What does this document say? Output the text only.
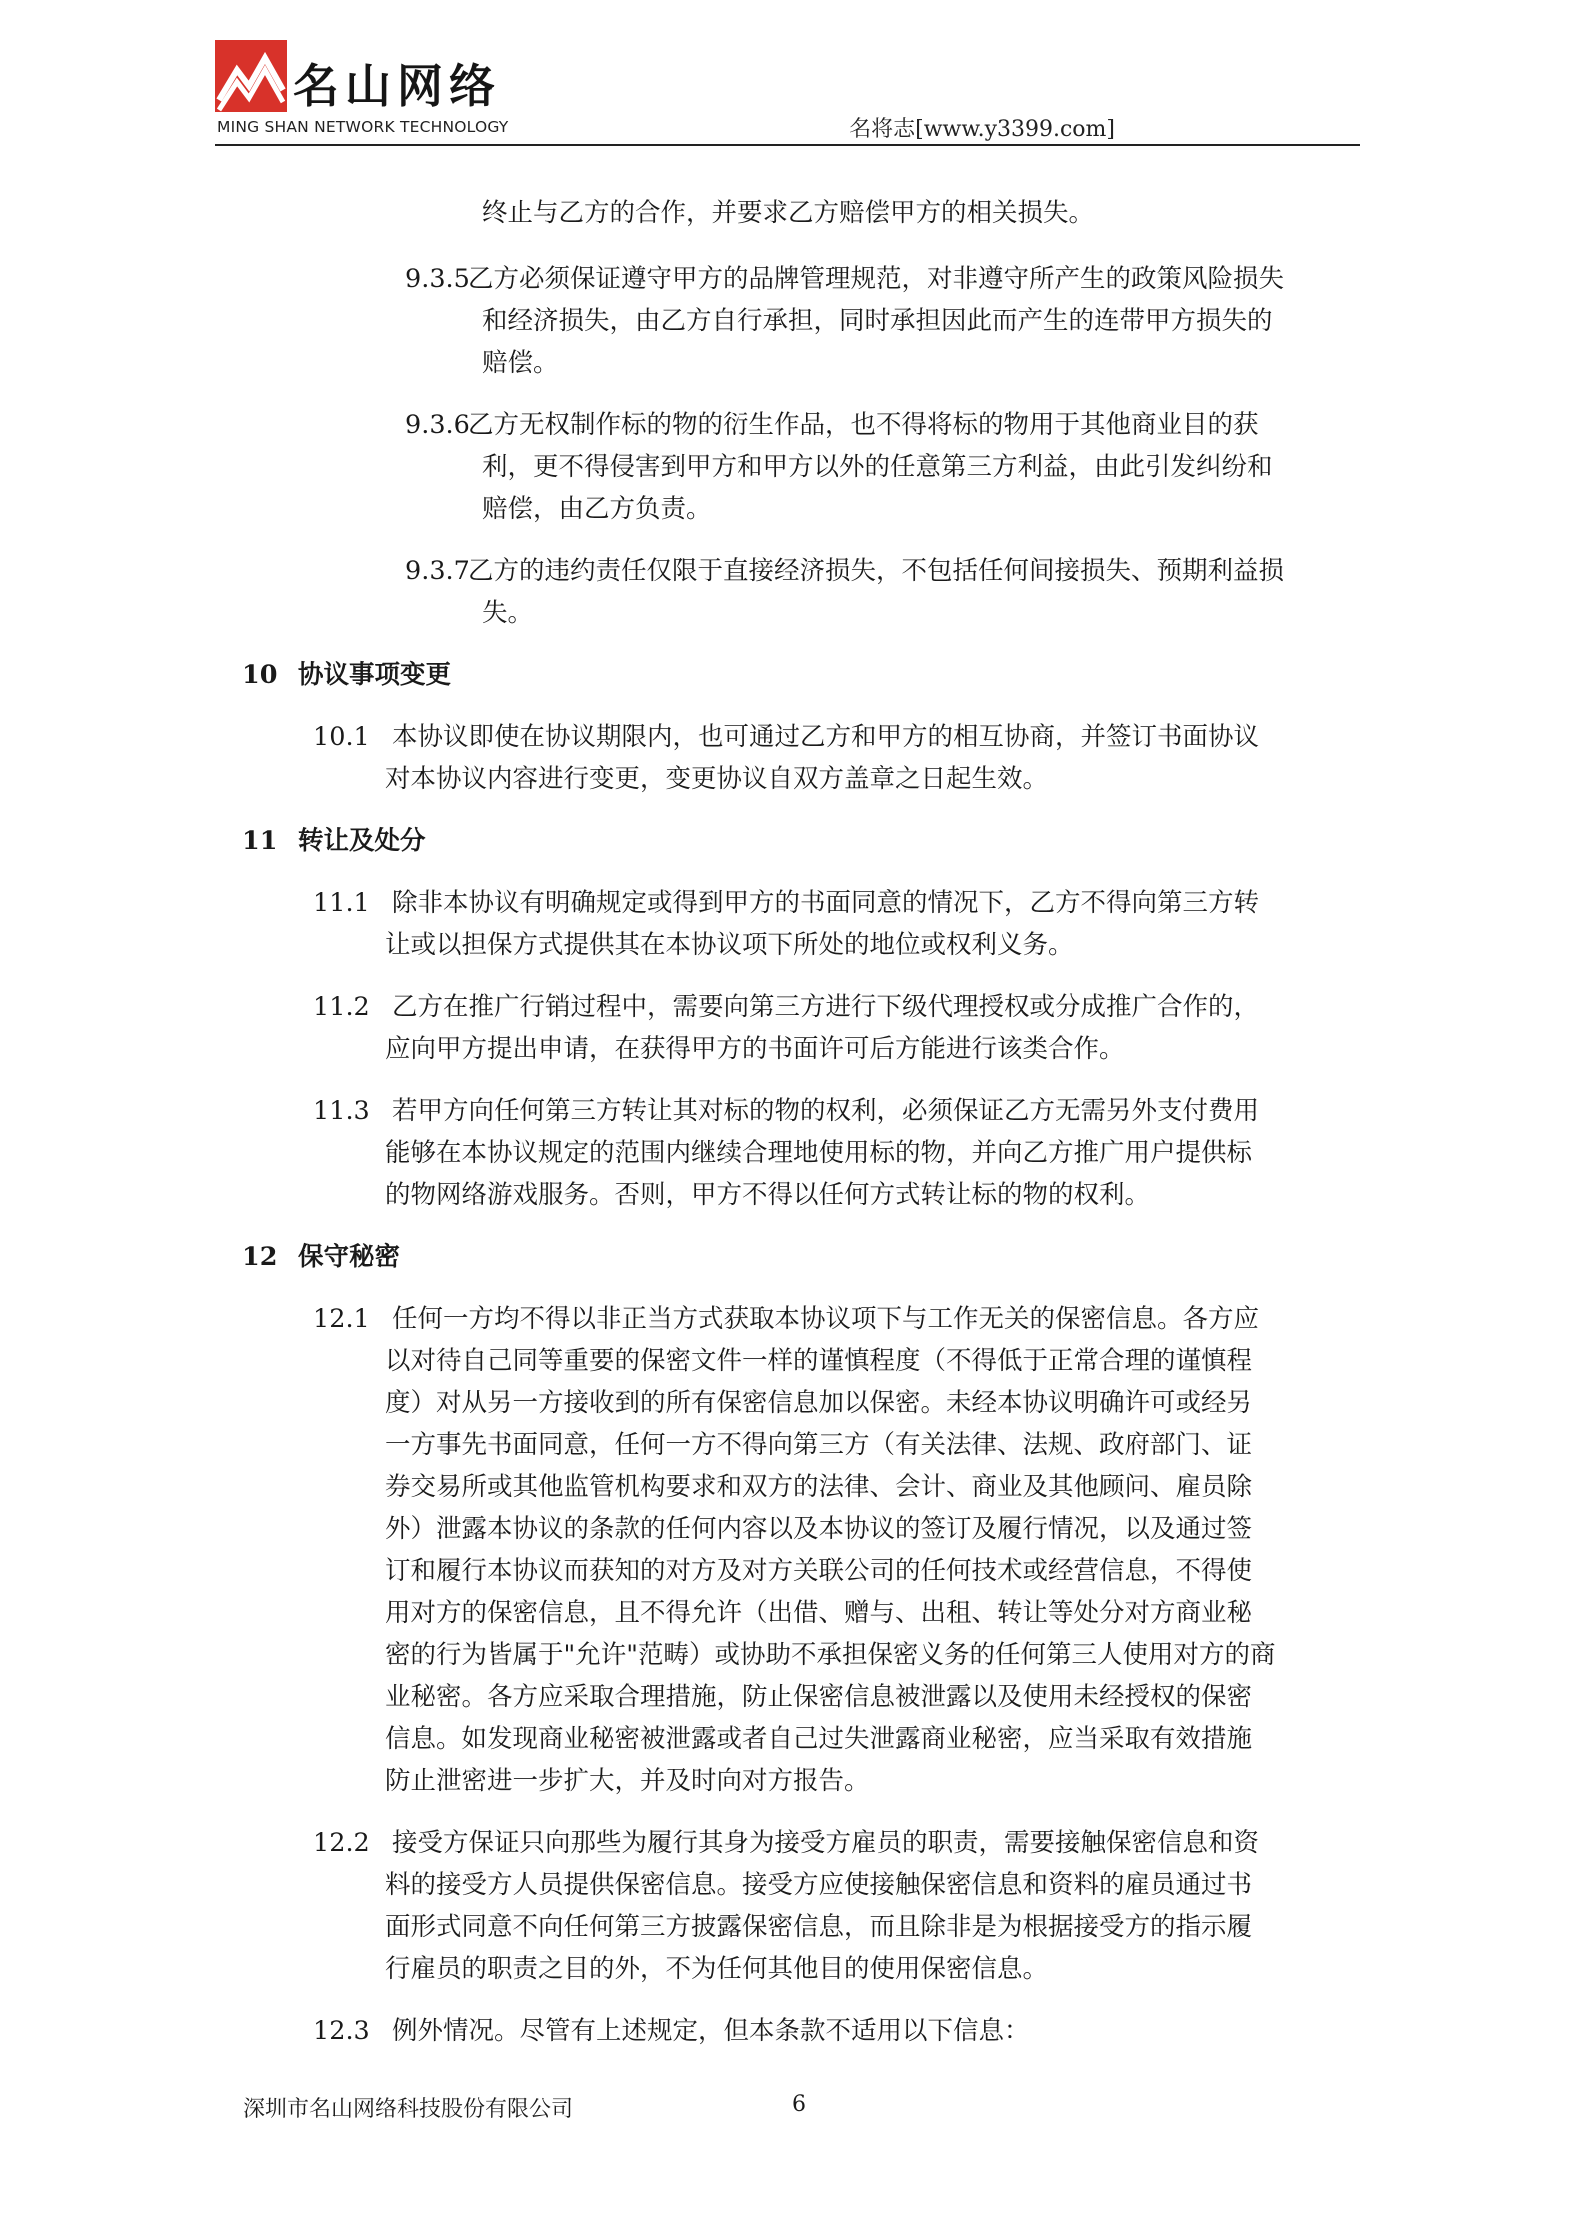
名山网络
MING SHAN NETWORK TECHNOLOGY	名将志[www.y3399.com]
终止与乙方的合作，并要求乙方赔偿甲方的相关损失。
9.3.5
乙方必须保证遵守甲方的品牌管理规范，对非遵守所产生的政策风险损失
和经济损失，由乙方自行承担，同时承担因此而产生的连带甲方损失的
赔偿。
9.3.6
乙方无权制作标的物的衍生作品，也不得将标的物用于其他商业目的获
利，更不得侵害到甲方和甲方以外的任意第三方利益，由此引发纠纷和
赔偿，由乙方负责。
9.3.7
乙方的违约责任仅限于直接经济损失，不包括任何间接损失、预期利益损
失。
10 协议事项变更
10.1 本协议即使在协议期限内，也可通过乙方和甲方的相互协商，并签订书面协议
对本协议内容进行变更，变更协议自双方盖章之日起生效。
11 转让及处分
11.1 除非本协议有明确规定或得到甲方的书面同意的情况下，乙方不得向第三方转
让或以担保方式提供其在本协议项下所处的地位或权利义务。
11.2 乙方在推广行销过程中，需要向第三方进行下级代理授权或分成推广合作的，
应向甲方提出申请，在获得甲方的书面许可后方能进行该类合作。
11.3 若甲方向任何第三方转让其对标的物的权利，必须保证乙方无需另外支付费用
能够在本协议规定的范围内继续合理地使用标的物，并向乙方推广用户提供标
的物网络游戏服务。否则，甲方不得以任何方式转让标的物的权利。
12 保守秘密
12.1 任何一方均不得以非正当方式获取本协议项下与工作无关的保密信息。各方应
以对待自己同等重要的保密文件一样的谨慎程度（不得低于正常合理的谨慎程
度）对从另一方接收到的所有保密信息加以保密。未经本协议明确许可或经另
一方事先书面同意，任何一方不得向第三方（有关法律、法规、政府部门、证
券交易所或其他监管机构要求和双方的法律、会计、商业及其他顾问、雇员除
外）泄露本协议的条款的任何内容以及本协议的签订及履行情况，以及通过签
订和履行本协议而获知的对方及对方关联公司的任何技术或经营信息，不得使
用对方的保密信息，且不得允许（出借、赠与、出租、转让等处分对方商业秘
密的行为皆属于"允许"范畴）或协助不承担保密义务的任何第三人使用对方的商
业秘密。各方应采取合理措施，防止保密信息被泄露以及使用未经授权的保密
信息。如发现商业秘密被泄露或者自己过失泄露商业秘密，应当采取有效措施
防止泄密进一步扩大，并及时向对方报告。
12.2 接受方保证只向那些为履行其身为接受方雇员的职责，需要接触保密信息和资
料的接受方人员提供保密信息。接受方应使接触保密信息和资料的雇员通过书
面形式同意不向任何第三方披露保密信息，而且除非是为根据接受方的指示履
行雇员的职责之目的外，不为任何其他目的使用保密信息。
12.3 例外情况。尽管有上述规定，但本条款不适用以下信息：
深圳市名山网络科技股份有限公司	6
